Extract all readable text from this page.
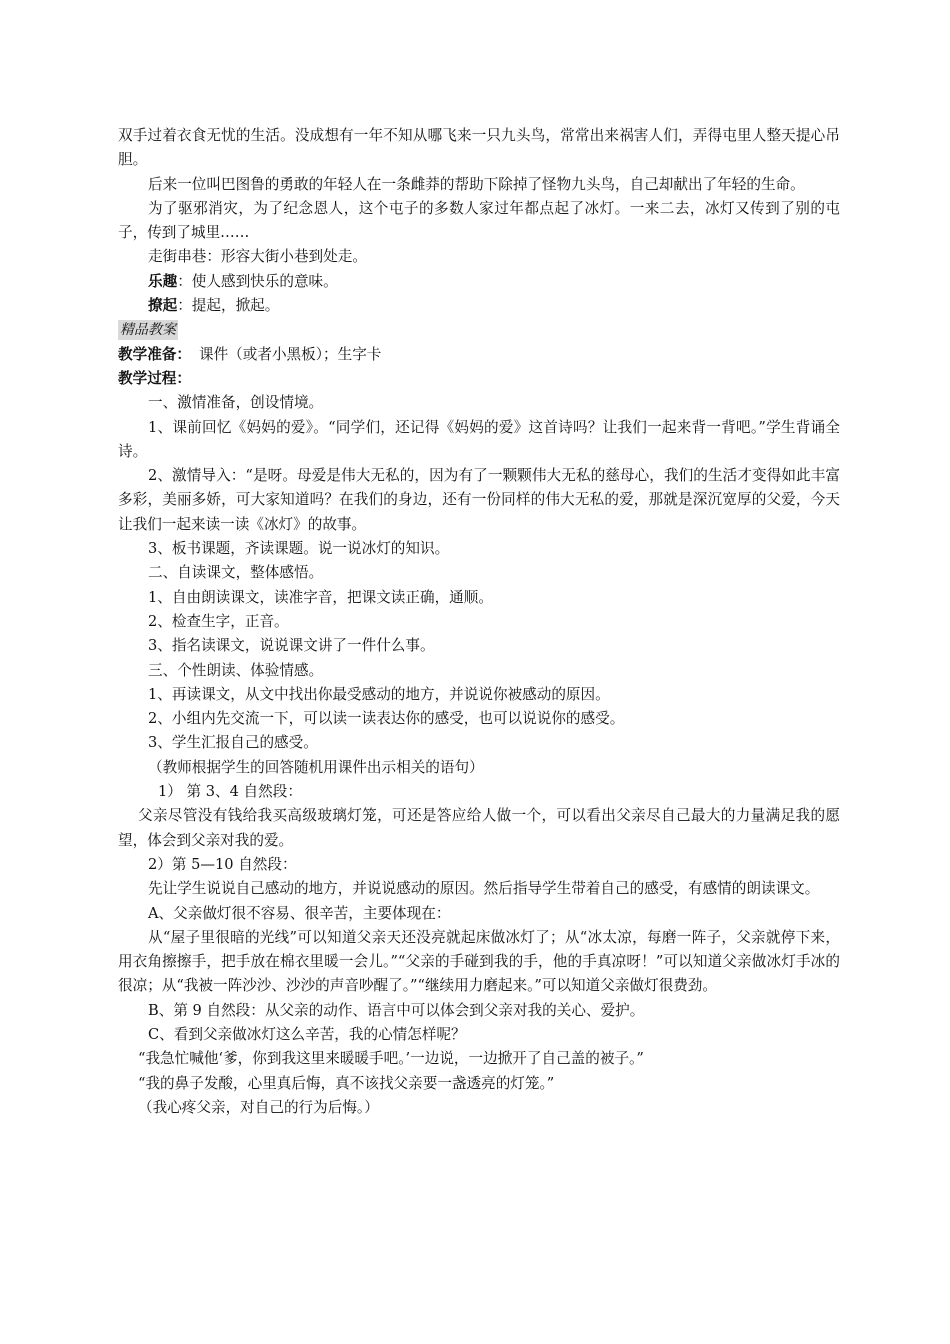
双手过着衣食无忧的生活。没成想有一年不知从哪飞来一只九头鸟，常常出来祸害人们，弄得屯里人整天提心吊胆。

后来一位叫巴图鲁的勇敢的年轻人在一条雌莽的帮助下除掉了怪物九头鸟，自己却献出了年轻的生命。

为了驱邪消灾，为了纪念恩人，这个屯子的多数人家过年都点起了冰灯。一来二去，冰灯又传到了别的屯子，传到了城里……

走街串巷：形容大街小巷到处走。

乐趣：使人感到快乐的意味。

撩起：提起，掀起。

精品教案

教学准备： 课件（或者小黑板）；生字卡

教学过程：

一、激情准备，创设情境。

1、课前回忆《妈妈的爱》。“同学们，还记得《妈妈的爱》这首诗吗？让我们一起来背一背吧。”学生背诵全诗。

2、激情导入：“是呀。母爱是伟大无私的，因为有了一颗颗伟大无私的慈母心，我们的生活才变得如此丰富多彩，美丽多娇，可大家知道吗？在我们的身边，还有一份同样的伟大无私的爱，那就是深沉宽厚的父爱，今天让我们一起来读一读《冰灯》的故事。

3、板书课题，齐读课题。说一说冰灯的知识。

二、自读课文，整体感悟。

1、自由朗读课文，读准字音，把课文读正确，通顺。

2、检查生字，正音。

3、指名读课文，说说课文讲了一件什么事。

三、个性朗读、体验情感。

1、再读课文，从文中找出你最受感动的地方，并说说你被感动的原因。

2、小组内先交流一下，可以读一读表达你的感受，也可以说说你的感受。

3、学生汇报自己的感受。

（教师根据学生的回答随机用课件出示相关的语句）

1） 第 3、4 自然段：

父亲尽管没有钱给我买高级玻璃灯笼，可还是答应给人做一个，可以看出父亲尽自己最大的力量满足我的愿望，体会到父亲对我的爱。

2）第 5—10 自然段：

先让学生说说自己感动的地方，并说说感动的原因。然后指导学生带着自己的感受，有感情的朗读课文。

A、父亲做灯很不容易、很辛苦，主要体现在：

从“屋子里很暗的光线”可以知道父亲天还没亮就起床做冰灯了；从“冰太凉，每磨一阵子，父亲就停下来，用衣角擦擦手，把手放在棉衣里暖一会儿。”“父亲的手碰到我的手，他的手真凉呀！”可以知道父亲做冰灯手冰的很凉；从“我被一阵沙沙、沙沙的声音吵醒了。”“继续用力磨起来。”可以知道父亲做灯很费劲。

B、第 9 自然段：从父亲的动作、语言中可以体会到父亲对我的关心、爱护。

C、看到父亲做冰灯这么辛苦，我的心情怎样呢？

“我急忙喊他‘爹，你到我这里来暖暖手吧。’一边说，一边掀开了自己盖的被子。”

“我的鼻子发酸，心里真后悔，真不该找父亲要一盏透亮的灯笼。”

（我心疼父亲，对自己的行为后悔。）
